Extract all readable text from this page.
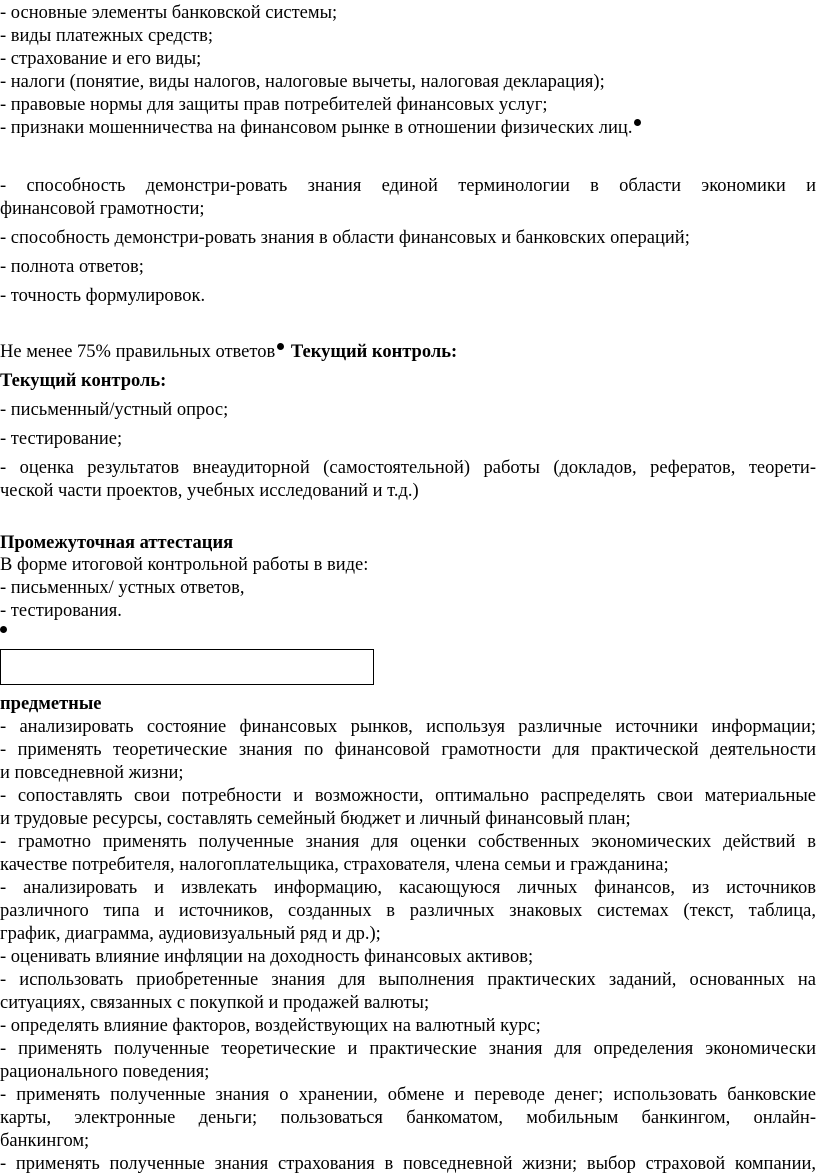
- основные элементы банковской системы;
- виды платежных средств;
- страхование и его виды;
- налоги (понятие, виды налогов, налоговые вычеты, налоговая декларация);
- правовые нормы для защиты прав потребителей финансовых услуг;
- признаки мошенничества на финансовом рынке в отношении физических лиц.
- способность демонстри-ровать знания единой терминологии в области экономики и
финансовой грамотности;
- способность демонстри-ровать знания в области финансовых и банковских операций;
- полнота ответов;
- точность формулировок.
Не менее 75% правильных ответов Текущий контроль:
Текущий контроль:
- письменный/устный опрос;
- тестирование;
- оценка результатов внеаудиторной (самостоятельной) работы (докладов, рефератов, теорети-
ческой части проектов, учебных исследований и т.д.)
Промежуточная аттестация
В форме итоговой контрольной работы в виде:
- письменных/ устных ответов,
- тестирования.
предметные
- анализировать состояние финансовых рынков, используя различные источники информации;
- применять теоретические знания по финансовой грамотности для практической деятельности
и повседневной жизни;
- сопоставлять свои потребности и возможности, оптимально распределять свои материальные
и трудовые ресурсы, составлять семейный бюджет и личный финансовый план;
- грамотно применять полученные знания для оценки собственных экономических действий в
качестве потребителя, налогоплательщика, страхователя, члена семьи и гражданина;
- анализировать и извлекать информацию, касающуюся личных финансов, из источников
различного типа и источников, созданных в различных знаковых системах (текст, таблица,
график, диаграмма, аудиовизуальный ряд и др.);
- оценивать влияние инфляции на доходность финансовых активов;
- использовать приобретенные знания для выполнения практических заданий, основанных на
ситуациях, связанных с покупкой и продажей валюты;
- определять влияние факторов, воздействующих на валютный курс;
- применять полученные теоретические и практические знания для определения экономически
рационального поведения;
- применять полученные знания о хранении, обмене и переводе денег; использовать банковские
карты, электронные деньги; пользоваться банкоматом, мобильным банкингом, онлайн-
банкингом;
- применять полученные знания страхования в повседневной жизни; выбор страховой компании,
